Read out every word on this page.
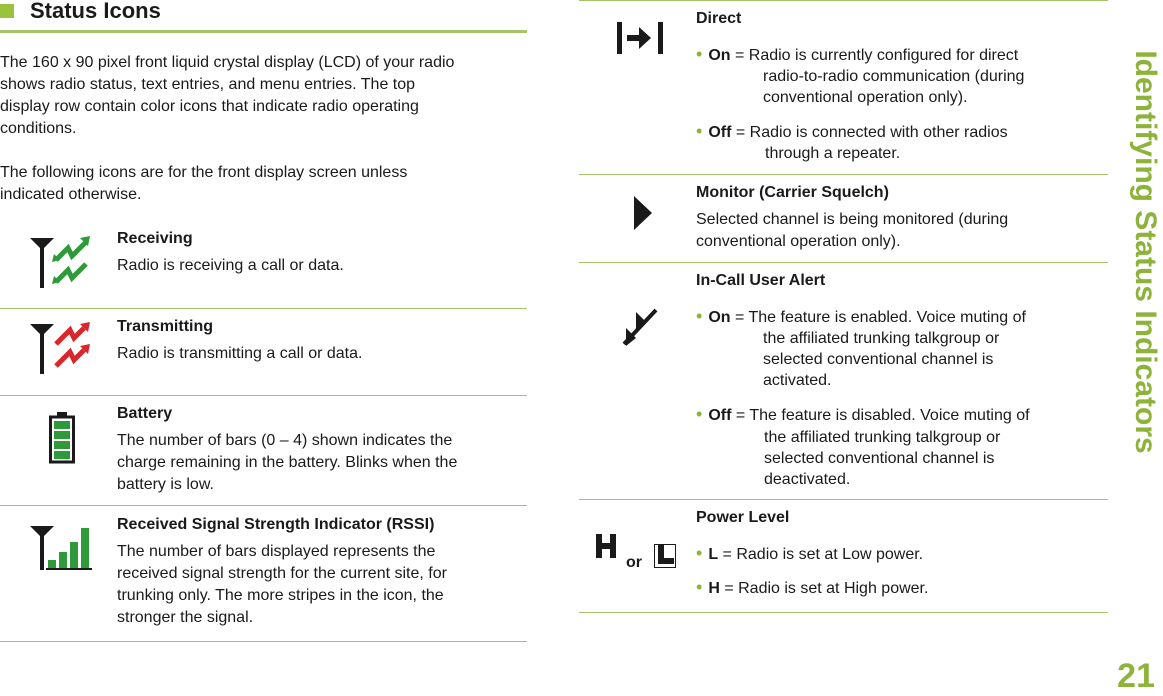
Status Icons
The 160 x 90 pixel front liquid crystal display (LCD) of your radio
shows radio status, text entries, and menu entries. The top
display row contain color icons that indicate radio operating
conditions.
The following icons are for the front display screen unless
indicated otherwise.
Receiving
Radio is receiving a call or data.
Transmitting
Radio is transmitting a call or data.
Battery
The number of bars (0 – 4) shown indicates the
charge remaining in the battery. Blinks when the
battery is low.
Received Signal Strength Indicator (RSSI)
The number of bars displayed represents the
received signal strength for the current site, for
trunking only. The more stripes in the icon, the
stronger the signal.
Direct
• On = Radio is currently configured for direct
radio-to-radio communication (during
conventional operation only).
• Off = Radio is connected with other radios
through a repeater.
Monitor (Carrier Squelch)
Selected channel is being monitored (during
conventional operation only).
In-Call User Alert
• On = The feature is enabled. Voice muting of
the affiliated trunking talkgroup or
selected conventional channel is
activated.
• Off = The feature is disabled. Voice muting of
the affiliated trunking talkgroup or
selected conventional channel is
deactivated.
or
Power Level
• L = Radio is set at Low power.
• H = Radio is set at High power.
Identifying Status Indicators
21
